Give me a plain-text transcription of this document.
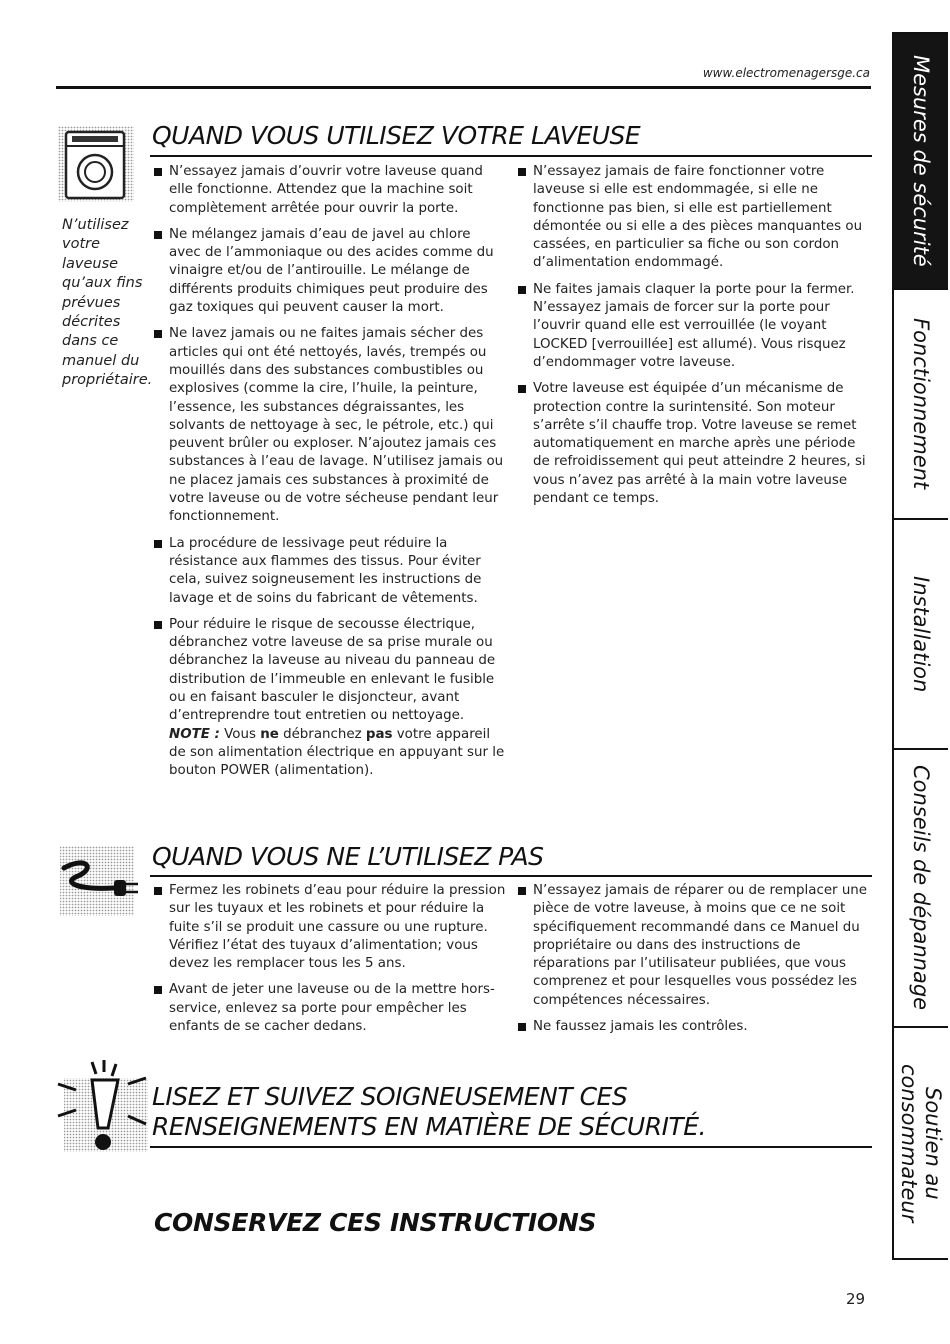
www.electromenagersge.ca
QUAND VOUS UTILISEZ VOTRE LAVEUSE
N’utilisez votre laveuse qu’aux fins prévues décrites dans ce manuel du propriétaire.

N’essayez jamais d’ouvrir votre laveuse quand elle fonctionne. Attendez que la machine soit complètement arrêtée pour ouvrir la porte.

Ne mélangez jamais d’eau de javel au chlore avec de l’ammoniaque ou des acides comme du vinaigre et/ou de l’antirouille. Le mélange de différents produits chimiques peut produire des gaz toxiques qui peuvent causer la mort.

Ne lavez jamais ou ne faites jamais sécher des articles qui ont été nettoyés, lavés, trempés ou mouillés dans des substances combustibles ou explosives (comme la cire, l’huile, la peinture, l’essence, les substances dégraissantes, les solvants de nettoyage à sec, le pétrole, etc.) qui peuvent brûler ou exploser. N’ajoutez jamais ces substances à l’eau de lavage. N’utilisez jamais ou ne placez jamais ces substances à proximité de votre laveuse ou de votre sécheuse pendant leur fonctionnement.

La procédure de lessivage peut réduire la résistance aux flammes des tissus. Pour éviter cela, suivez soigneusement les instructions de lavage et de soins du fabricant de vêtements.

Pour réduire le risque de secousse électrique, débranchez votre laveuse de sa prise murale ou débranchez la laveuse au niveau du panneau de distribution de l’immeuble en enlevant le fusible ou en faisant basculer le disjoncteur, avant d’entreprendre tout entretien ou nettoyage.
NOTE : Vous ne débranchez pas votre appareil de son alimentation électrique en appuyant sur le bouton POWER (alimentation).

N’essayez jamais de faire fonctionner votre laveuse si elle est endommagée, si elle ne fonctionne pas bien, si elle est partiellement démontée ou si elle a des pièces manquantes ou cassées, en particulier sa fiche ou son cordon d’alimentation endommagé.

Ne faites jamais claquer la porte pour la fermer. N’essayez jamais de forcer sur la porte pour l’ouvrir quand elle est verrouillée (le voyant LOCKED [verrouillée] est allumé). Vous risquez d’endommager votre laveuse.

Votre laveuse est équipée d’un mécanisme de protection contre la surintensité. Son moteur s’arrête s’il chauffe trop. Votre laveuse se remet automatiquement en marche après une période de refroidissement qui peut atteindre 2 heures, si vous n’avez pas arrêté à la main votre laveuse pendant ce temps.

QUAND VOUS NE L’UTILISEZ PAS

Fermez les robinets d’eau pour réduire la pression sur les tuyaux et les robinets et pour réduire la fuite s’il se produit une cassure ou une rupture. Vérifiez l’état des tuyaux d’alimentation; vous devez les remplacer tous les 5 ans.

Avant de jeter une laveuse ou de la mettre hors-service, enlevez sa porte pour empêcher les enfants de se cacher dedans.

N’essayez jamais de réparer ou de remplacer une pièce de votre laveuse, à moins que ce ne soit spécifiquement recommandé dans ce Manuel du propriétaire ou dans des instructions de réparations par l’utilisateur publiées, que vous comprenez et pour lesquelles vous possédez les compétences nécessaires.

Ne faussez jamais les contrôles.

LISEZ ET SUIVEZ SOIGNEUSEMENT CES
RENSEIGNEMENTS EN MATIÈRE DE SÉCURITÉ.
CONSERVEZ CES INSTRUCTIONS
29
Mesures de sécurité
Fonctionnement
Installation
Conseils de dépannage
Soutien au consommateur
